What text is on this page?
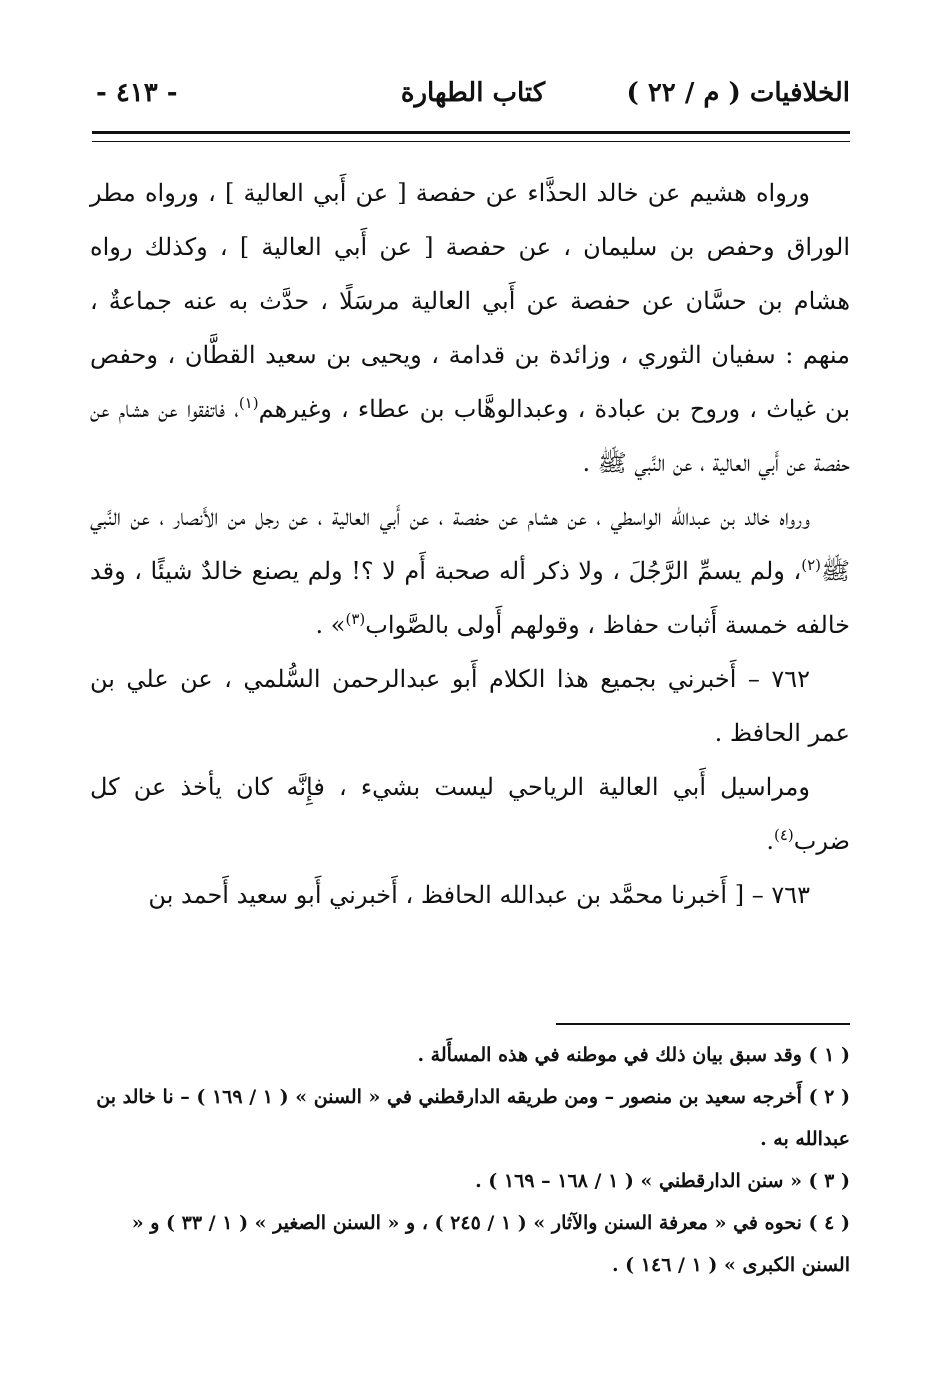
الخلافيات ( م / ٢٢ )
كتاب الطهارة
- ٤١٣ -

ورواه هشيم عن خالد الحذَّاء عن حفصة [ عن أَبي العالية ] ، ورواه مطر الوراق وحفص بن سليمان ، عن حفصة [ عن أَبي العالية ] ، وكذلك رواه هشام بن حسَّان عن حفصة عن أَبي العالية مرسَلًا ، حدَّث به عنه جماعةٌ ، منهم : سفيان الثوري ، وزائدة بن قدامة ، ويحيى بن سعيد القطَّان ، وحفص بن غياث ، وروح بن عبادة ، وعبدالوهَّاب بن عطاء ، وغيرهم$^{(١)}$، فاتفقوا عن هشام عن حفصة عن أَبي العالية ، عن النَّبي ﷺ .

ورواه خالد بن عبدالله الواسطي ، عن هشام عن حفصة ، عن أَبي العالية ، عن رجل من الأَنصار ، عن النَّبي ﷺ$^{(٢)}$، ولم يسمِّ الرَّجُلَ ، ولا ذكر أله صحبة أَم لا ؟! ولم يصنع خالدٌ شيئًا ، وقد خالفه خمسة أَثبات حفاظ ، وقولهم أَولى بالصَّواب$^{(٣)}$» .

٧٦٢ – أَخبرني بجميع هذا الكلام أَبو عبدالرحمن السُّلمي ، عن علي بن عمر الحافظ .

ومراسيل أَبي العالية الرياحي ليست بشيء ، فإِنَّه كان يأخذ عن كل ضرب$^{(٤)}$.

٧٦٣ – [ أَخبرنا محمَّد بن عبدالله الحافظ ، أَخبرني أَبو سعيد أَحمد بن

( ١ ) وقد سبق بيان ذلك في موطنه في هذه المسأَلة .

( ٢ ) أَخرجه سعيد بن منصور – ومن طريقه الدارقطني في « السنن » ( ١ / ١٦٩ ) – نا خالد بن عبدالله به .

( ٣ ) « سنن الدارقطني » ( ١ / ١٦٨ – ١٦٩ ) .

( ٤ ) نحوه في « معرفة السنن والآثار » ( ١ / ٢٤٥ ) ، و « السنن الصغير » ( ١ / ٣٣ ) و « السنن الكبرى » ( ١ / ١٤٦ ) .
